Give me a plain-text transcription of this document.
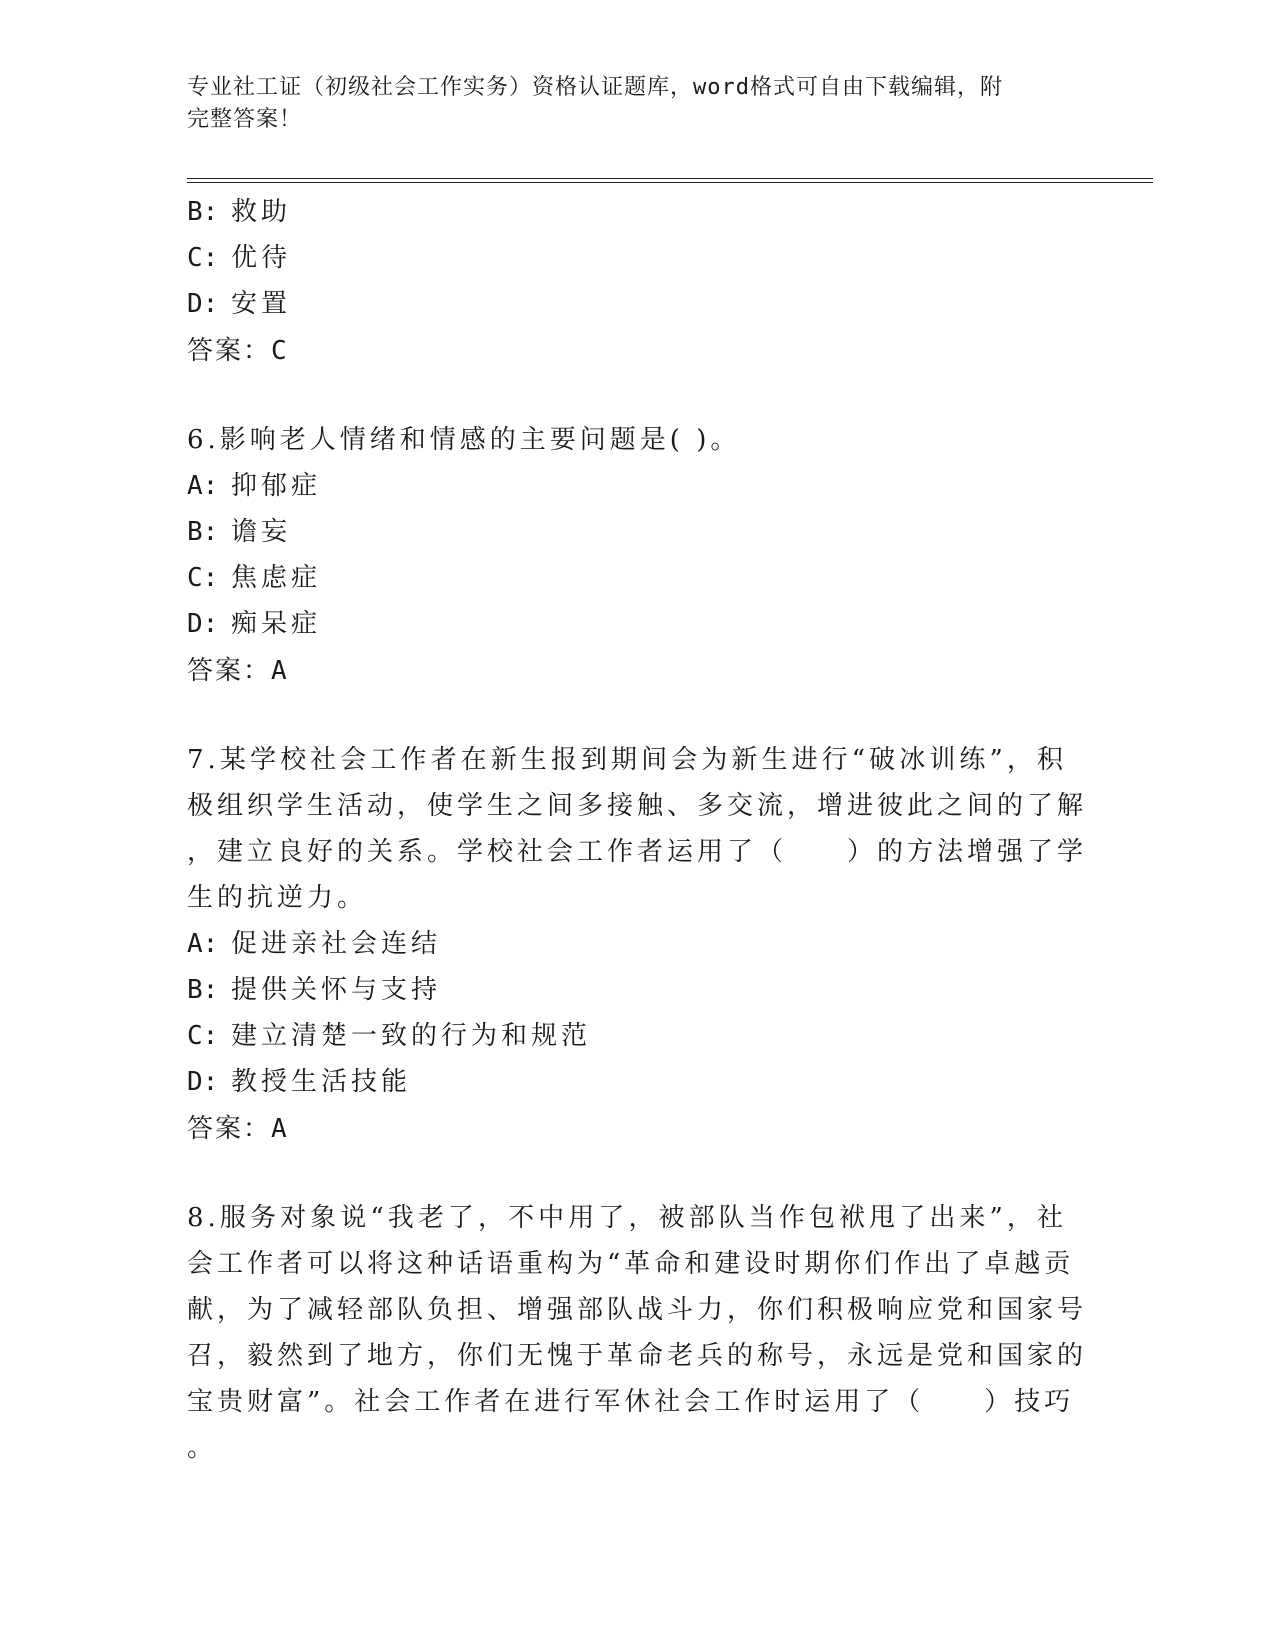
专业社工证（初级社会工作实务）资格认证题库，word格式可自由下载编辑，附
完整答案！
B: 救助
C: 优待
D: 安置
答案：C
6.影响老人情绪和情感的主要问题是( )。
A: 抑郁症
B: 谵妄
C: 焦虑症
D: 痴呆症
答案：A
7.某学校社会工作者在新生报到期间会为新生进行“破冰训练”，积
极组织学生活动，使学生之间多接触、多交流，增进彼此之间的了解
，建立良好的关系。学校社会工作者运用了（　　）的方法增强了学
生的抗逆力。
A: 促进亲社会连结
B: 提供关怀与支持
C: 建立清楚一致的行为和规范
D: 教授生活技能
答案：A
8.服务对象说“我老了，不中用了，被部队当作包袱甩了出来”，社
会工作者可以将这种话语重构为“革命和建设时期你们作出了卓越贡
献，为了减轻部队负担、增强部队战斗力，你们积极响应党和国家号
召，毅然到了地方，你们无愧于革命老兵的称号，永远是党和国家的
宝贵财富”。社会工作者在进行军休社会工作时运用了（　　）技巧
。
